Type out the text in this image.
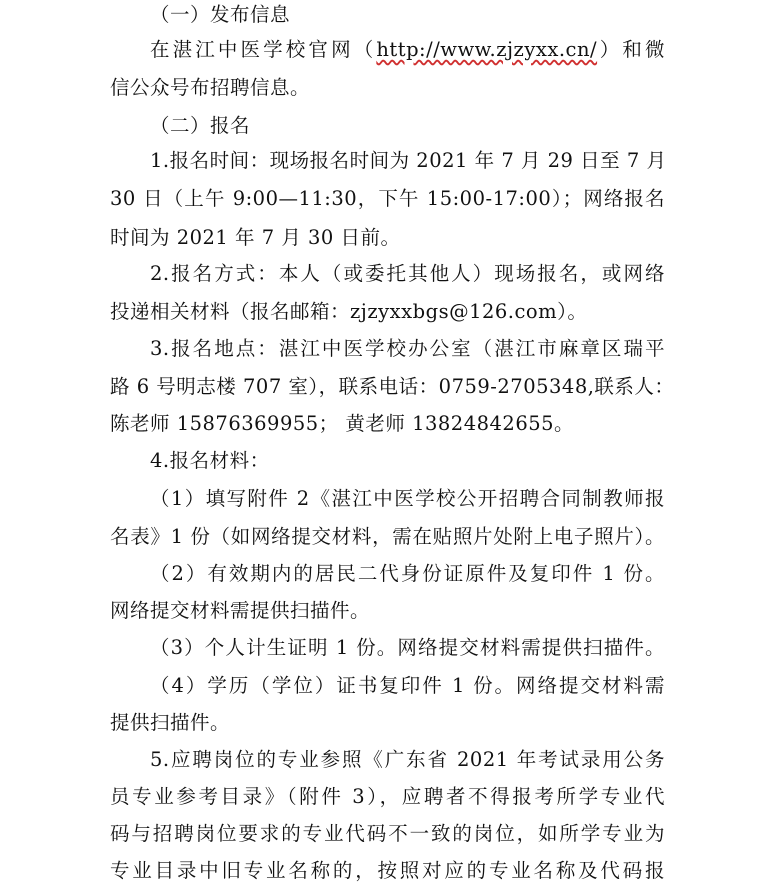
（一）发布信息
在湛江中医学校官网（http://www.zjzyxx.cn/）和微
信公众号布招聘信息。
（二）报名
1.报名时间：现场报名时间为 2021 年 7 月 29 日至 7 月
30 日（上午 9:00—11:30，下午 15:00-17:00）；网络报名
时间为 2021 年 7 月 30 日前。
2.报名方式：本人（或委托其他人）现场报名，或网络
投递相关材料（报名邮箱：zjzyxxbgs@126.com）。
3.报名地点：湛江中医学校办公室（湛江市麻章区瑞平
路 6 号明志楼 707 室），联系电话：0759-2705348,联系人：
陈老师 15876369955； 黄老师 13824842655。
4.报名材料：
（1）填写附件 2《湛江中医学校公开招聘合同制教师报
名表》1 份（如网络提交材料，需在贴照片处附上电子照片）。
（2）有效期内的居民二代身份证原件及复印件 1 份。
网络提交材料需提供扫描件。
（3）个人计生证明 1 份。网络提交材料需提供扫描件。
（4）学历（学位）证书复印件 1 份。网络提交材料需
提供扫描件。
5.应聘岗位的专业参照《广东省 2021 年考试录用公务
员专业参考目录》（附件 3），应聘者不得报考所学专业代
码与招聘岗位要求的专业代码不一致的岗位，如所学专业为
专业目录中旧专业名称的，按照对应的专业名称及代码报
